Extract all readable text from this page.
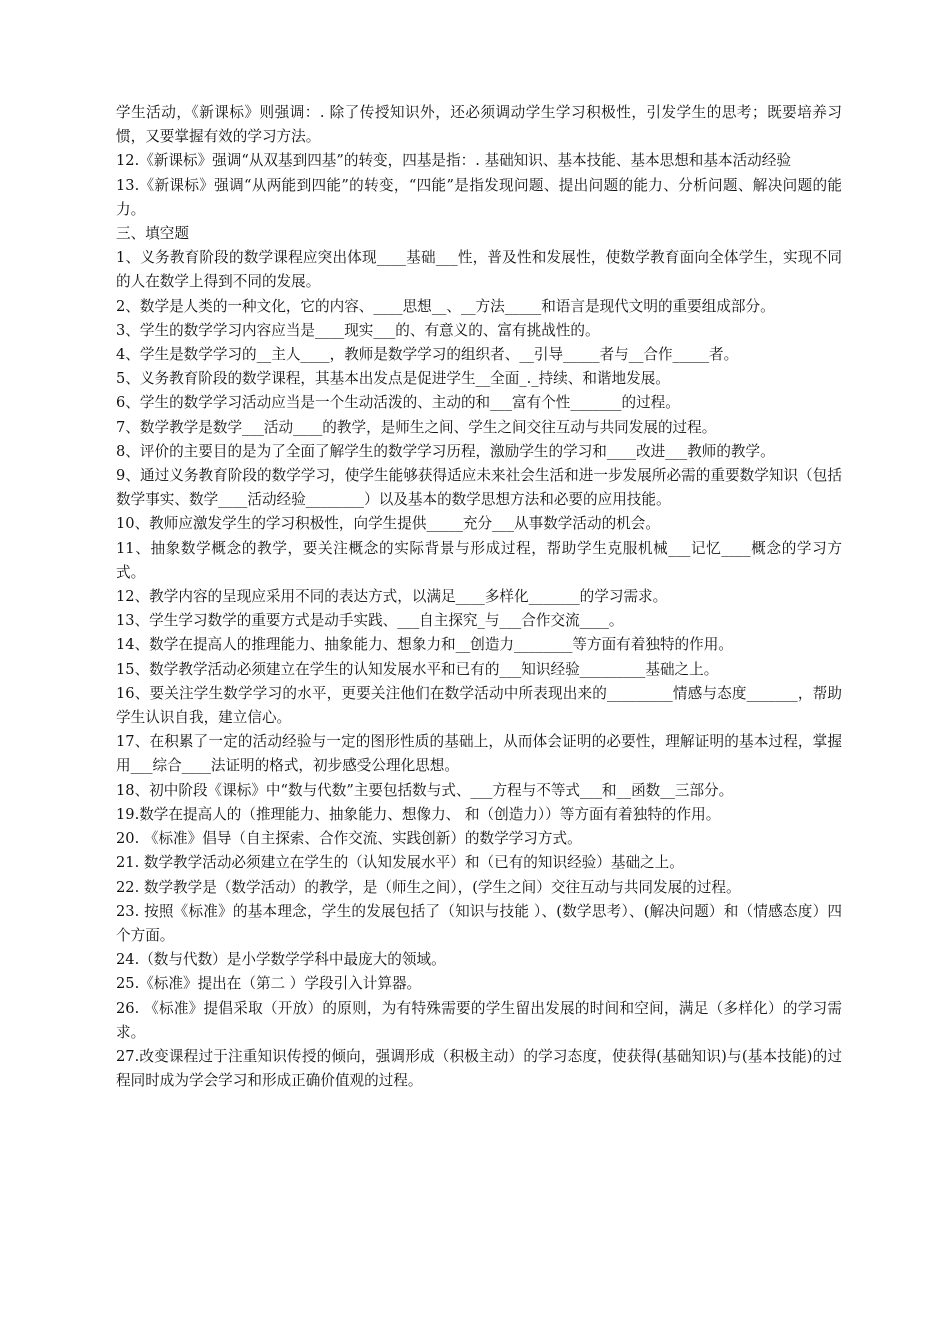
学生活动，《新课标》则强调：. 除了传授知识外，还必须调动学生学习积极性，引发学生的思考；既要培养习惯，又要掌握有效的学习方法。

12.《新课标》强调“从双基到四基”的转变，四基是指：. 基础知识、基本技能、基本思想和基本活动经验

13.《新课标》强调“从两能到四能”的转变，“四能”是指发现问题、提出问题的能力、分析问题、解决问题的能力。

三、填空题

1、义务教育阶段的数学课程应突出体现____基础___性，普及性和发展性，使数学教育面向全体学生，实现不同的人在数学上得到不同的发展。

2、数学是人类的一种文化，它的内容、____思想__、__方法_____和语言是现代文明的重要组成部分。

3、学生的数学学习内容应当是____现实___的、有意义的、富有挑战性的。

4、学生是数学学习的__主人____，教师是数学学习的组织者、__引导_____者与__合作_____者。

5、义务教育阶段的数学课程，其基本出发点是促进学生__全面_._持续、和谐地发展。

6、学生的数学学习活动应当是一个生动活泼的、主动的和___富有个性_______的过程。

7、数学教学是数学___活动____的教学，是师生之间、学生之间交往互动与共同发展的过程。

8、评价的主要目的是为了全面了解学生的数学学习历程，激励学生的学习和____改进___教师的教学。

9、通过义务教育阶段的数学学习，使学生能够获得适应未来社会生活和进一步发展所必需的重要数学知识（包括数学事实、数学____活动经验________）以及基本的数学思想方法和必要的应用技能。

10、教师应激发学生的学习积极性，向学生提供_____充分___从事数学活动的机会。

11、抽象数学概念的教学，要关注概念的实际背景与形成过程，帮助学生克服机械___记忆____概念的学习方式。

12、教学内容的呈现应采用不同的表达方式，以满足____多样化_______的学习需求。

13、学生学习数学的重要方式是动手实践、___自主探究_与___合作交流____。

14、数学在提高人的推理能力、抽象能力、想象力和__创造力________等方面有着独特的作用。

15、数学教学活动必须建立在学生的认知发展水平和已有的___知识经验_________基础之上。

16、要关注学生数学学习的水平，更要关注他们在数学活动中所表现出来的_________情感与态度_______，帮助学生认识自我，建立信心。

17、在积累了一定的活动经验与一定的图形性质的基础上，从而体会证明的必要性，理解证明的基本过程，掌握用___综合____法证明的格式，初步感受公理化思想。

18、初中阶段《课标》中“数与代数”主要包括数与式、___方程与不等式___和__函数__三部分。

19.数学在提高人的（推理能力、抽象能力、想像力、 和（创造力））等方面有着独特的作用。

20. 《标准》倡导（自主探索、合作交流、实践创新）的数学学习方式。

21. 数学教学活动必须建立在学生的（认知发展水平）和（已有的知识经验）基础之上。

22. 数学教学是（数学活动）的教学，是（师生之间），(学生之间）交往互动与共同发展的过程。

23. 按照《标准》的基本理念，学生的发展包括了（知识与技能 ）、(数学思考）、(解决问题）和（情感态度）四个方面。

24.（数与代数）是小学数学学科中最庞大的领域。

25.《标准》提出在（第二 ）学段引入计算器。

26. 《标准》提倡采取（开放）的原则，为有特殊需要的学生留出发展的时间和空间，满足（多样化）的学习需求。

27.改变课程过于注重知识传授的倾向，强调形成（积极主动）的学习态度，使获得(基础知识)与(基本技能)的过程同时成为学会学习和形成正确价值观的过程。
